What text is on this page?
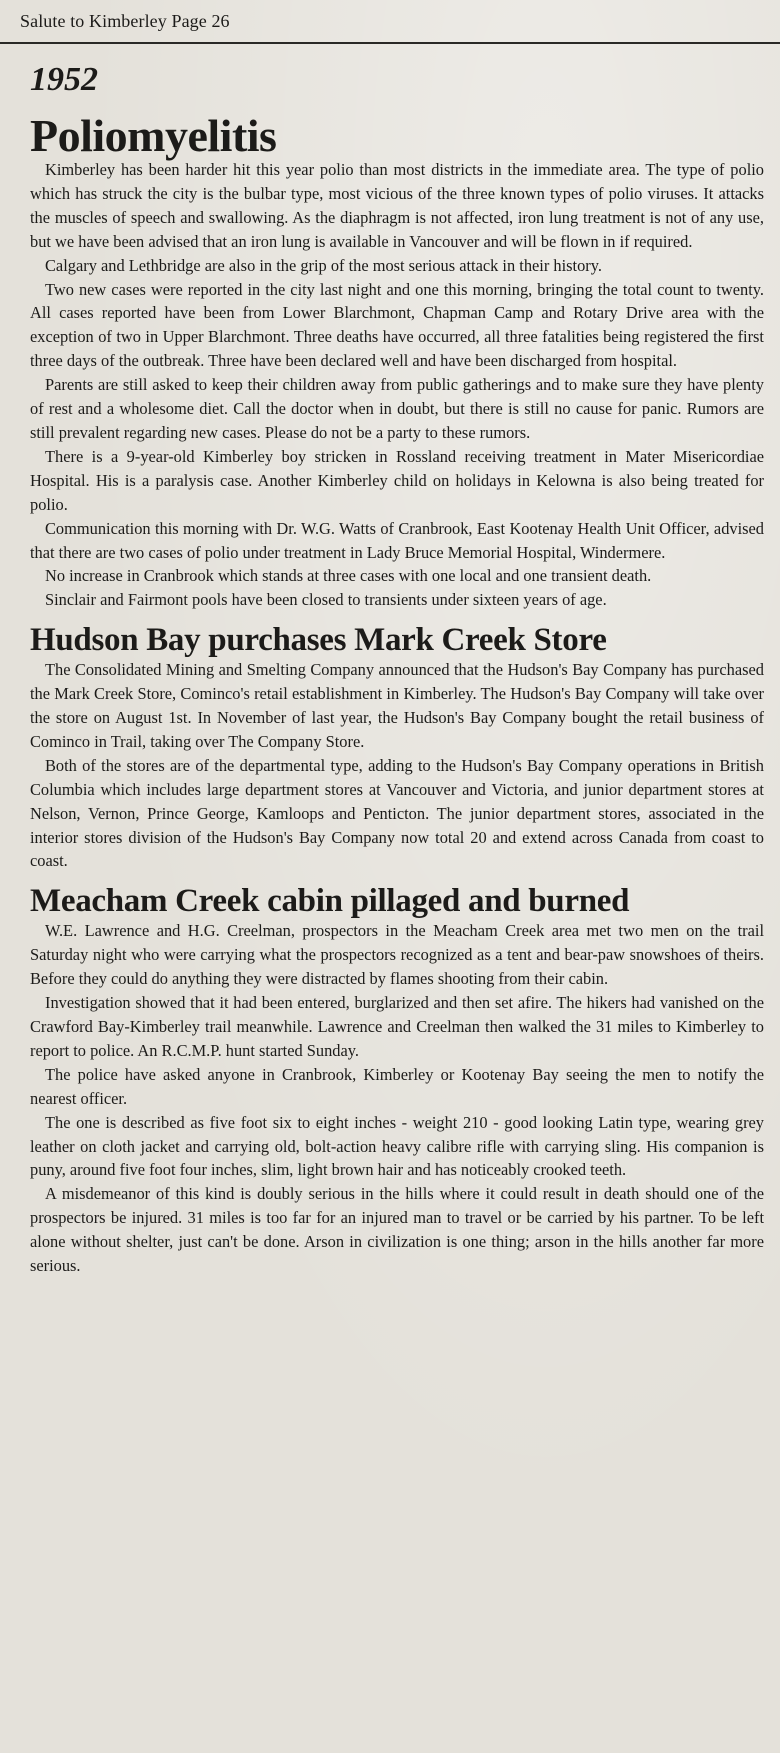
Salute to Kimberley Page 26
1952
Poliomyelitis

Kimberley has been harder hit this year polio than most districts in the immediate area. The type of polio which has struck the city is the bulbar type, most vicious of the three known types of polio viruses. It attacks the muscles of speech and swallowing. As the diaphragm is not affected, iron lung treatment is not of any use, but we have been advised that an iron lung is available in Vancouver and will be flown in if required.

Calgary and Lethbridge are also in the grip of the most serious attack in their history.

Two new cases were reported in the city last night and one this morning, bringing the total count to twenty. All cases reported have been from Lower Blarchmont, Chapman Camp and Rotary Drive area with the exception of two in Upper Blarchmont. Three deaths have occurred, all three fatalities being registered the first three days of the outbreak. Three have been declared well and have been discharged from hospital.

Parents are still asked to keep their children away from public gatherings and to make sure they have plenty of rest and a wholesome diet. Call the doctor when in doubt, but there is still no cause for panic. Rumors are still prevalent regarding new cases. Please do not be a party to these rumors.

There is a 9-year-old Kimberley boy stricken in Rossland receiving treatment in Mater Misericordiae Hospital. His is a paralysis case. Another Kimberley child on holidays in Kelowna is also being treated for polio.

Communication this morning with Dr. W.G. Watts of Cranbrook, East Kootenay Health Unit Officer, advised that there are two cases of polio under treatment in Lady Bruce Memorial Hospital, Windermere.

No increase in Cranbrook which stands at three cases with one local and one transient death.

Sinclair and Fairmont pools have been closed to transients under sixteen years of age.

Hudson Bay purchases Mark Creek Store

The Consolidated Mining and Smelting Company announced that the Hudson's Bay Company has purchased the Mark Creek Store, Cominco's retail establishment in Kimberley. The Hudson's Bay Company will take over the store on August 1st. In November of last year, the Hudson's Bay Company bought the retail business of Cominco in Trail, taking over The Company Store.

Both of the stores are of the departmental type, adding to the Hudson's Bay Company operations in British Columbia which includes large department stores at Vancouver and Victoria, and junior department stores at Nelson, Vernon, Prince George, Kamloops and Penticton. The junior department stores, associated in the interior stores division of the Hudson's Bay Company now total 20 and extend across Canada from coast to coast.

Meacham Creek cabin pillaged and burned

W.E. Lawrence and H.G. Creelman, prospectors in the Meacham Creek area met two men on the trail Saturday night who were carrying what the prospectors recognized as a tent and bear-paw snowshoes of theirs. Before they could do anything they were distracted by flames shooting from their cabin.

Investigation showed that it had been entered, burglarized and then set afire. The hikers had vanished on the Crawford Bay-Kimberley trail meanwhile. Lawrence and Creelman then walked the 31 miles to Kimberley to report to police. An R.C.M.P. hunt started Sunday.

The police have asked anyone in Cranbrook, Kimberley or Kootenay Bay seeing the men to notify the nearest officer.

The one is described as five foot six to eight inches - weight 210 - good looking Latin type, wearing grey leather on cloth jacket and carrying old, bolt-action heavy calibre rifle with carrying sling. His companion is puny, around five foot four inches, slim, light brown hair and has noticeably crooked teeth.

A misdemeanor of this kind is doubly serious in the hills where it could result in death should one of the prospectors be injured. 31 miles is too far for an injured man to travel or be carried by his partner. To be left alone without shelter, just can't be done. Arson in civilization is one thing; arson in the hills another far more serious.
